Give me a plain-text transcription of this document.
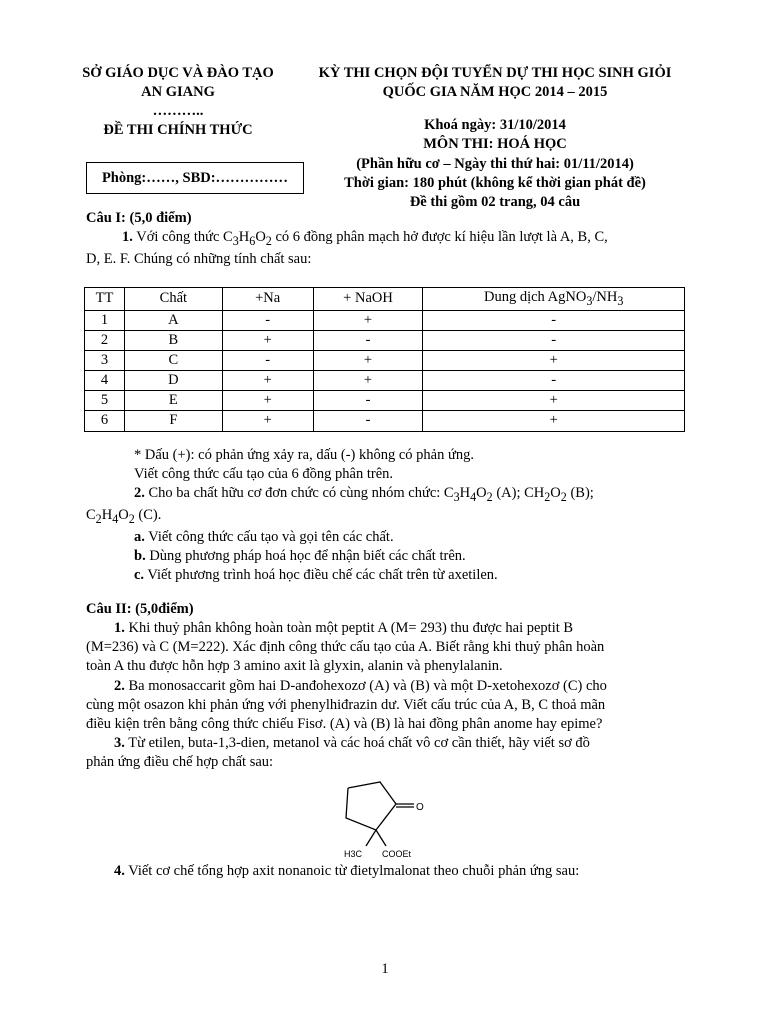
SỞ GIÁO DỤC VÀ ĐÀO TẠO
AN GIANG
………..
ĐỀ THI CHÍNH THỨC
KỲ THI CHỌN ĐỘI TUYỂN DỰ THI HỌC SINH GIỎI
QUỐC GIA NĂM HỌC 2014 – 2015
Khoá ngày: 31/10/2014
MÔN THI: HOÁ HỌC
(Phần hữu cơ – Ngày thi thứ hai: 01/11/2014)
Thời gian: 180 phút (không kể thời gian phát đề)
Đề thi gồm 02 trang, 04 câu
Phòng:……, SBD:……………
Câu I: (5,0 điểm)
1. Với công thức $C_3H_6O_2$ có 6 đồng phân mạch hở được kí hiệu lần lượt là A, B, C,
D, E. F. Chúng có những tính chất sau:
TT	Chất	+Na	+ NaOH	Dung dịch $AgNO_3/NH_3$
1	A	-	+	-
2	B	+	-	-
3	C	-	+	+
4	D	+	+	-
5	E	+	-	+
6	F	+	-	+
* Dấu (+): có phản ứng xảy ra, dấu (-) không có phản ứng.
Viết công thức cấu tạo của 6 đồng phân trên.
2. Cho ba chất hữu cơ đơn chức có cùng nhóm chức: $C_3H_4O_2$ (A); $CH_2O_2$ (B);
$C_2H_4O_2$ (C).
a. Viết công thức cấu tạo và gọi tên các chất.
b. Dùng phương pháp hoá học để nhận biết các chất trên.
c. Viết phương trình hoá học điều chế các chất trên từ axetilen.
Câu II: (5,0điểm)
1. Khi thuỷ phân không hoàn toàn một peptit A (M= 293) thu được hai peptit B
(M=236) và C (M=222). Xác định công thức cấu tạo của A. Biết rằng khi thuỷ phân hoàn
toàn A thu được hỗn hợp 3 amino axit là glyxin, alanin và phenylalanin.
2. Ba monosaccarit gồm hai D-anđohexozơ (A) và (B) và một D-xetohexozơ (C) cho
cùng một osazon khi phản ứng với phenylhiđrazin dư. Viết cấu trúc của A, B, C thoả mãn
điều kiện trên bằng công thức chiếu Fisơ. (A) và (B) là hai đồng phân anome hay epime?
3. Từ etilen, buta-1,3-dien, metanol và các hoá chất vô cơ cần thiết, hãy viết sơ đồ
phản ứng điều chế hợp chất sau:
O
H3C COOEt
4. Viết cơ chế tổng hợp axit nonanoic từ đietylmalonat theo chuỗi phản ứng sau:
1
